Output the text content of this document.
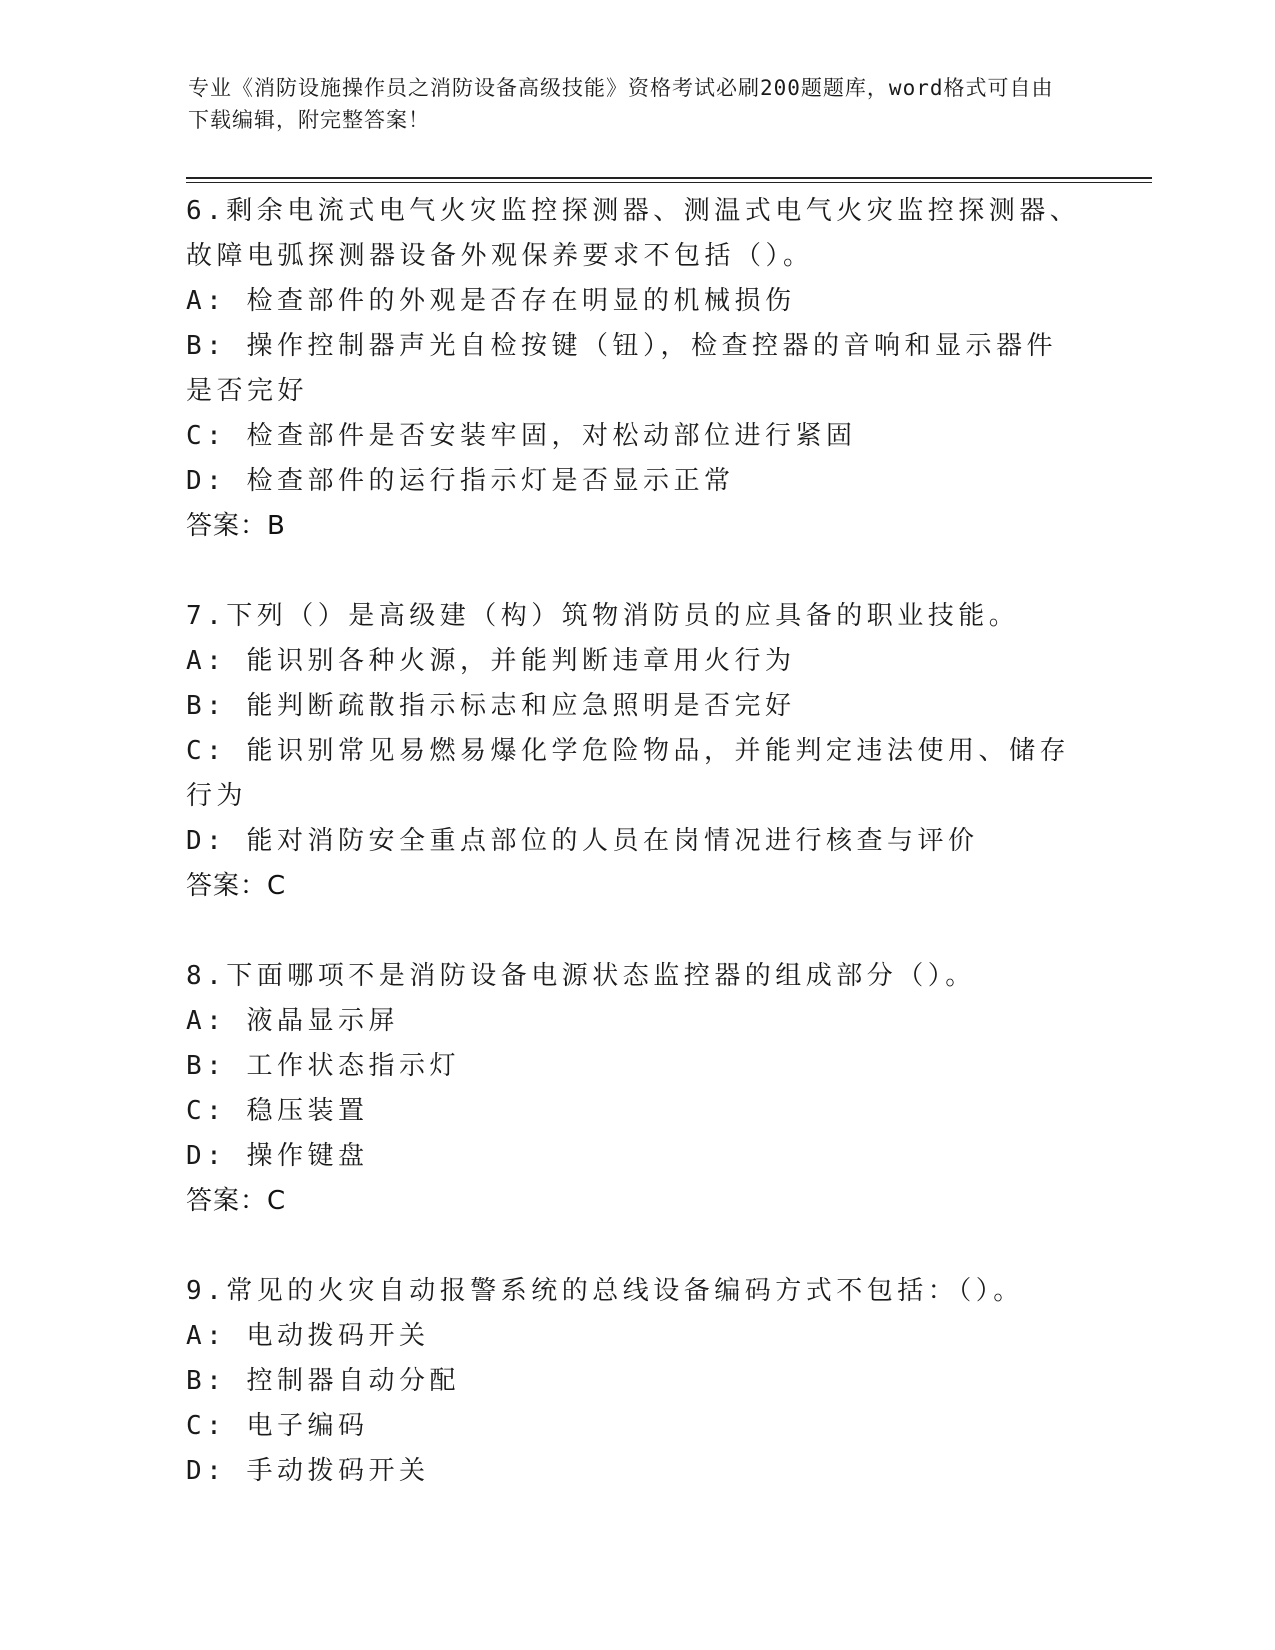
专业《消防设施操作员之消防设备高级技能》资格考试必刷200题题库，word格式可自由下载编辑，附完整答案！
6.剩余电流式电气火灾监控探测器、测温式电气火灾监控探测器、故障电弧探测器设备外观保养要求不包括（）。
A: 检查部件的外观是否存在明显的机械损伤
B: 操作控制器声光自检按键（钮），检查控器的音响和显示器件是否完好
C: 检查部件是否安装牢固，对松动部位进行紧固
D: 检查部件的运行指示灯是否显示正常
答案：B
7.下列（）是高级建（构）筑物消防员的应具备的职业技能。
A: 能识别各种火源，并能判断违章用火行为
B: 能判断疏散指示标志和应急照明是否完好
C: 能识别常见易燃易爆化学危险物品，并能判定违法使用、储存行为
D: 能对消防安全重点部位的人员在岗情况进行核查与评价
答案：C
8.下面哪项不是消防设备电源状态监控器的组成部分（）。
A: 液晶显示屏
B: 工作状态指示灯
C: 稳压装置
D: 操作键盘
答案：C
9.常见的火灾自动报警系统的总线设备编码方式不包括：（）。
A: 电动拨码开关
B: 控制器自动分配
C: 电子编码
D: 手动拨码开关
